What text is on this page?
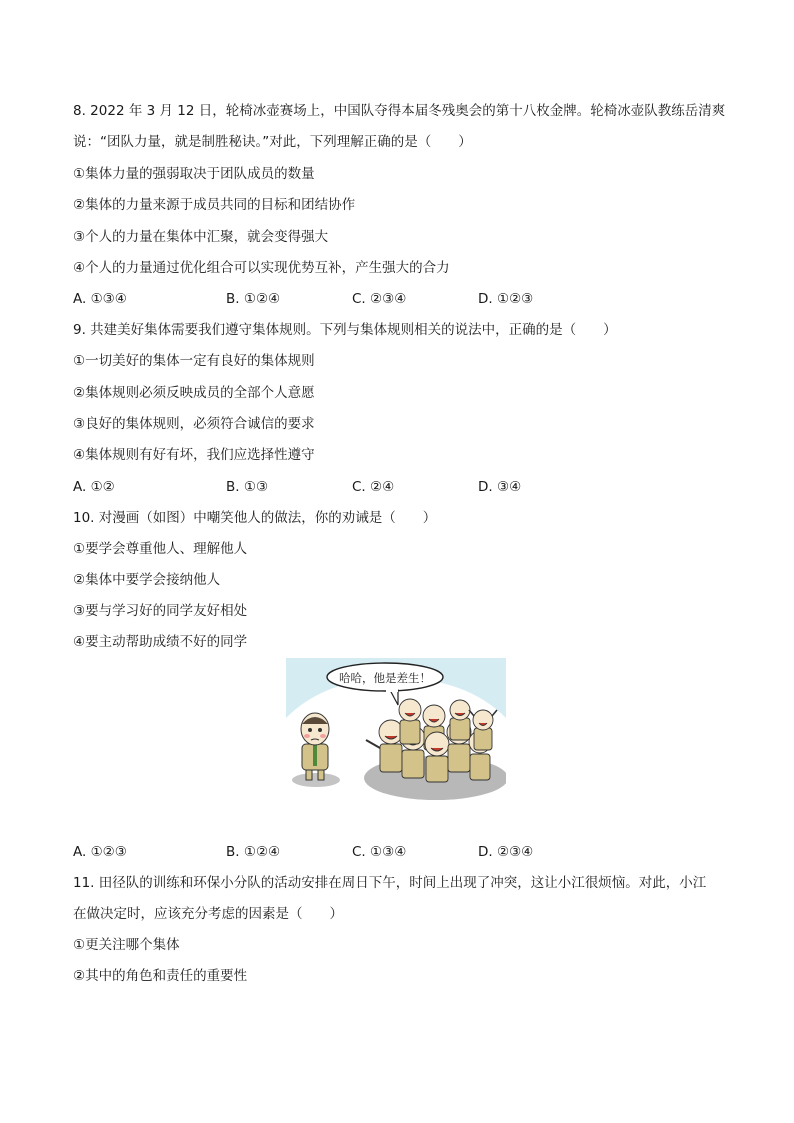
8. 2022 年 3 月 12 日，轮椅冰壶赛场上，中国队夺得本届冬残奥会的第十八枚金牌。轮椅冰壶队教练岳清爽
说：“团队力量，就是制胜秘诀。”对此，下列理解正确的是（　　）
①集体力量的强弱取决于团队成员的数量
②集体的力量来源于成员共同的目标和团结协作
③个人的力量在集体中汇聚，就会变得强大
④个人的力量通过优化组合可以实现优势互补，产生强大的合力
A. ①③④	B. ①②④	C. ②③④	D. ①②③
9. 共建美好集体需要我们遵守集体规则。下列与集体规则相关的说法中，正确的是（　　）
①一切美好的集体一定有良好的集体规则
②集体规则必须反映成员的全部个人意愿
③良好的集体规则，必须符合诚信的要求
④集体规则有好有坏，我们应选择性遵守
A. ①②	B. ①③	C. ②④	D. ③④
10. 对漫画（如图）中嘲笑他人的做法，你的劝诫是（　　）
①要学会尊重他人、理解他人
②集体中要学会接纳他人
③要与学习好的同学友好相处
④要主动帮助成绩不好的同学
哈哈，他是差生！
A. ①②③	B. ①②④	C. ①③④	D. ②③④
11. 田径队的训练和环保小分队的活动安排在周日下午，时间上出现了冲突，这让小江很烦恼。对此，小江
在做决定时，应该充分考虑的因素是（　　）
①更关注哪个集体
②其中的角色和责任的重要性
